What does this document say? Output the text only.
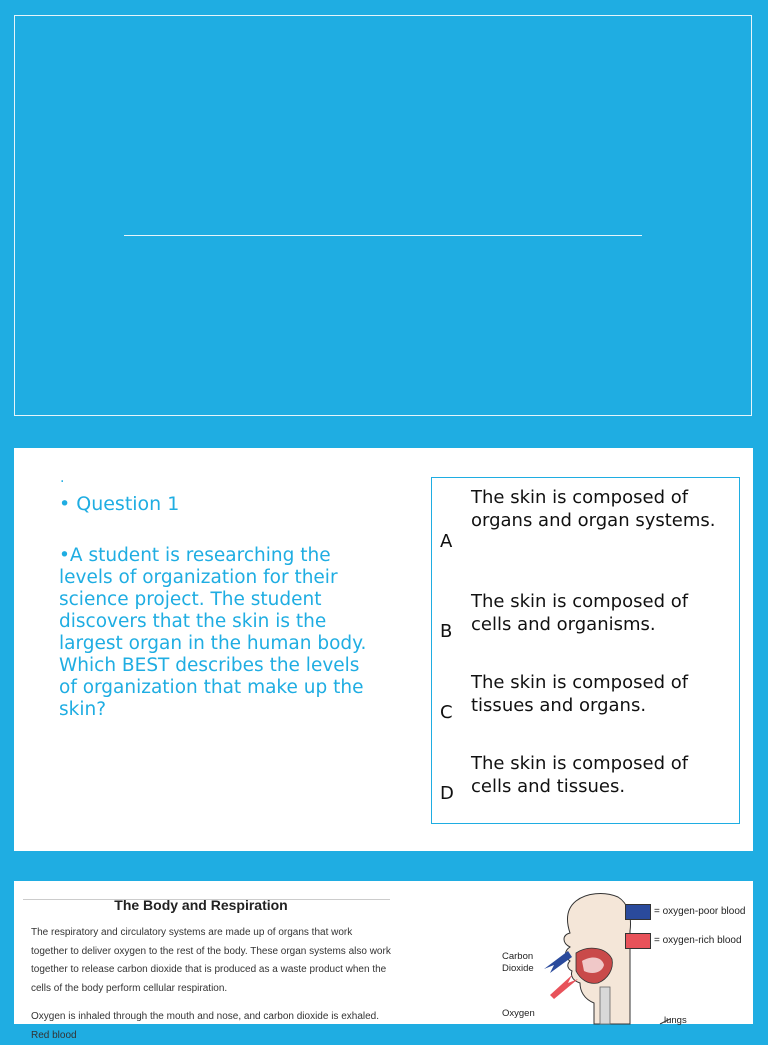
.
• Question 1
•A student is researching the levels of organization for their science project. The student discovers that the skin is the largest organ in the human body. Which BEST describes the levels of organization that make up the skin?
A
The skin is composed of organs and organ systems.
B
The skin is composed of cells and organisms.
C
The skin is composed of tissues and organs.
D
The skin is composed of cells and tissues.
The Body and Respiration
The respiratory and circulatory systems are made up of organs that work together to deliver oxygen to the rest of the body. These organ systems also work together to release carbon dioxide that is produced as a waste product when the cells of the body perform cellular respiration.
Oxygen is inhaled through the mouth and nose, and carbon dioxide is exhaled. Red blood
= oxygen-poor blood
= oxygen-rich blood
Carbon Dioxide
Oxygen
lungs
